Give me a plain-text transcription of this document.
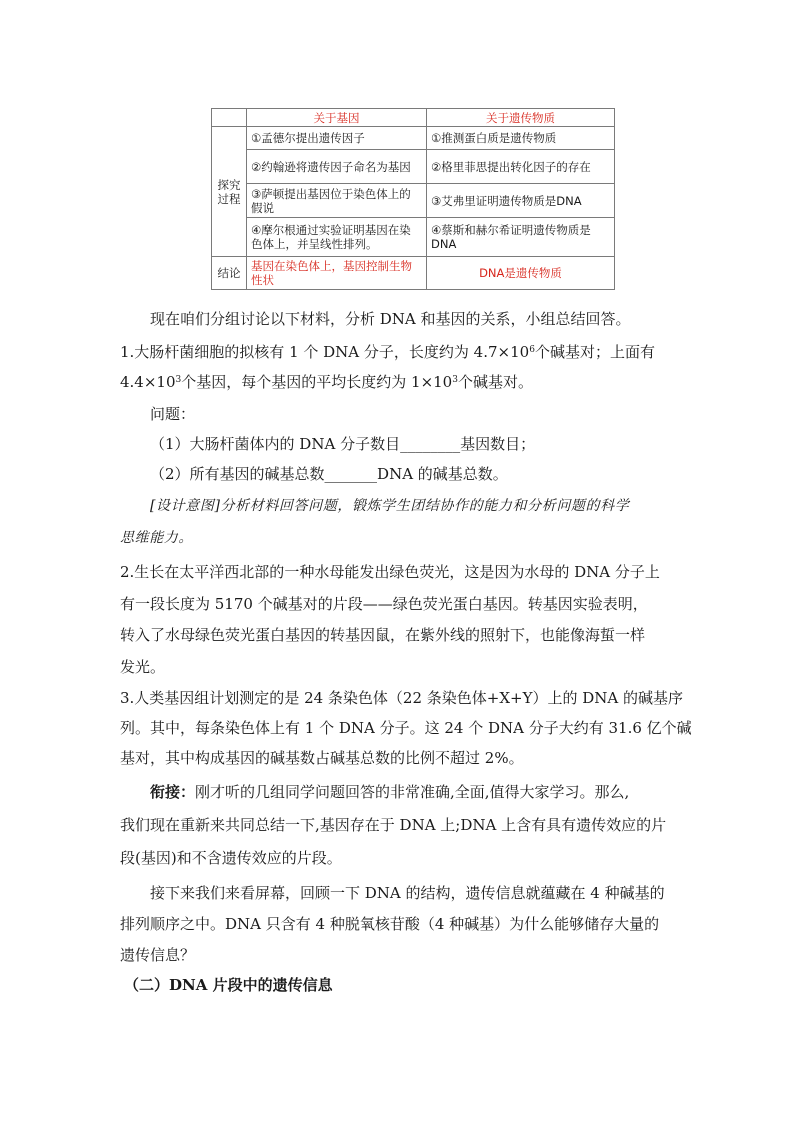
	关于基因	关于遗传物质
探究
过程	①孟德尔提出遗传因子	①推测蛋白质是遗传物质
	②约翰逊将遗传因子命名为基因	②格里菲思提出转化因子的存在
	③萨顿提出基因位于染色体上的假说	③艾弗里证明遗传物质是DNA
	④摩尔根通过实验证明基因在染色体上，并呈线性排列。	④蔡斯和赫尔希证明遗传物质是DNA
结论	基因在染色体上，基因控制生物性状	DNA是遗传物质
现在咱们分组讨论以下材料，分析 DNA 和基因的关系，小组总结回答。
1.大肠杆菌细胞的拟核有 1 个 DNA 分子，长度约为 $4.7\times 10^6$个碱基对；上面有
$4.4\times 10^3$个基因，每个基因的平均长度约为 $1\times 10^3$个碱基对。
问题：
（1）大肠杆菌体内的 DNA 分子数目________基因数目；
（2）所有基因的碱基总数_______DNA 的碱基总数。
[设计意图]分析材料回答问题，锻炼学生团结协作的能力和分析问题的科学
思维能力。
2.生长在太平洋西北部的一种水母能发出绿色荧光，这是因为水母的 DNA 分子上
有一段长度为 5170 个碱基对的片段——绿色荧光蛋白基因。转基因实验表明，
转入了水母绿色荧光蛋白基因的转基因鼠，在紫外线的照射下，也能像海蜇一样
发光。
3.人类基因组计划测定的是 24 条染色体（22 条染色体+X+Y）上的 DNA 的碱基序
列。其中，每条染色体上有 1 个 DNA 分子。这 24 个 DNA 分子大约有 31.6 亿个碱
基对，其中构成基因的碱基数占碱基总数的比例不超过 2%。
衔接：刚才听的几组同学问题回答的非常准确,全面,值得大家学习。那么,
我们现在重新来共同总结一下,基因存在于 DNA 上;DNA 上含有具有遗传效应的片
段(基因)和不含遗传效应的片段。
接下来我们来看屏幕，回顾一下 DNA 的结构，遗传信息就蕴藏在 4 种碱基的
排列顺序之中。DNA 只含有 4 种脱氧核苷酸（4 种碱基）为什么能够储存大量的
遗传信息？
（二）DNA 片段中的遗传信息
